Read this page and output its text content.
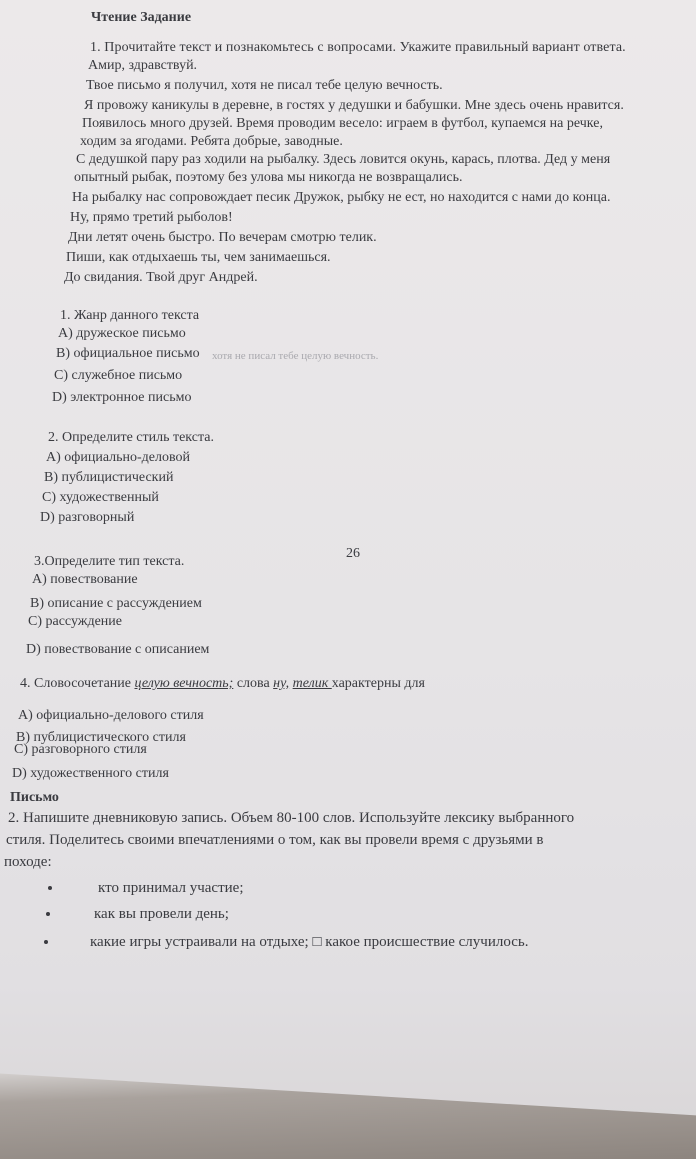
Чтение Задание
1. Прочитайте текст и познакомьтесь с вопросами. Укажите правильный вариант ответа.
Амир, здравствуй.
Твое письмо я получил, хотя не писал тебе целую вечность.
Я провожу каникулы в деревне, в гостях у дедушки и бабушки. Мне здесь очень нравится.
Появилось много друзей. Время проводим весело: играем в футбол, купаемся на речке,
ходим за ягодами. Ребята добрые, заводные.
С дедушкой пару раз ходили на рыбалку. Здесь ловится окунь, карась, плотва. Дед у меня
опытный рыбак, поэтому без улова мы никогда не возвращались.
На рыбалку нас сопровождает песик Дружок, рыбку не ест, но находится с нами до конца.
Ну, прямо третий рыболов!
Дни летят очень быстро. По вечерам смотрю телик.
Пиши, как отдыхаешь ты, чем занимаешься.
До свидания. Твой друг Андрей.
1. Жанр данного текста
А) дружеское письмо
В) официальное письмо хотя не писал тебе целую вечность.
С) служебное письмо
D) электронное письмо
2. Определите стиль текста.
А) официально-деловой
В) публицистический
С) художественный
D) разговорный
26
3.Определите тип текста.
А) повествование
В) описание с рассуждением
С) рассуждение
D) повествование с описанием
4. Словосочетание целую вечность; слова ну, телик характерны для
А) официально-делового стиля
В) публицистического стиля
С) разговорного стиля
D) художественного стиля
Письмо
2. Напишите дневниковую запись. Объем 80-100 слов. Используйте лексику выбранного
стиля. Поделитесь своими впечатлениями о том, как вы провели время с друзьями в
походе:
кто принимал участие;
как вы провели день;
какие игры устраивали на отдыхе; □ какое происшествие случилось.
